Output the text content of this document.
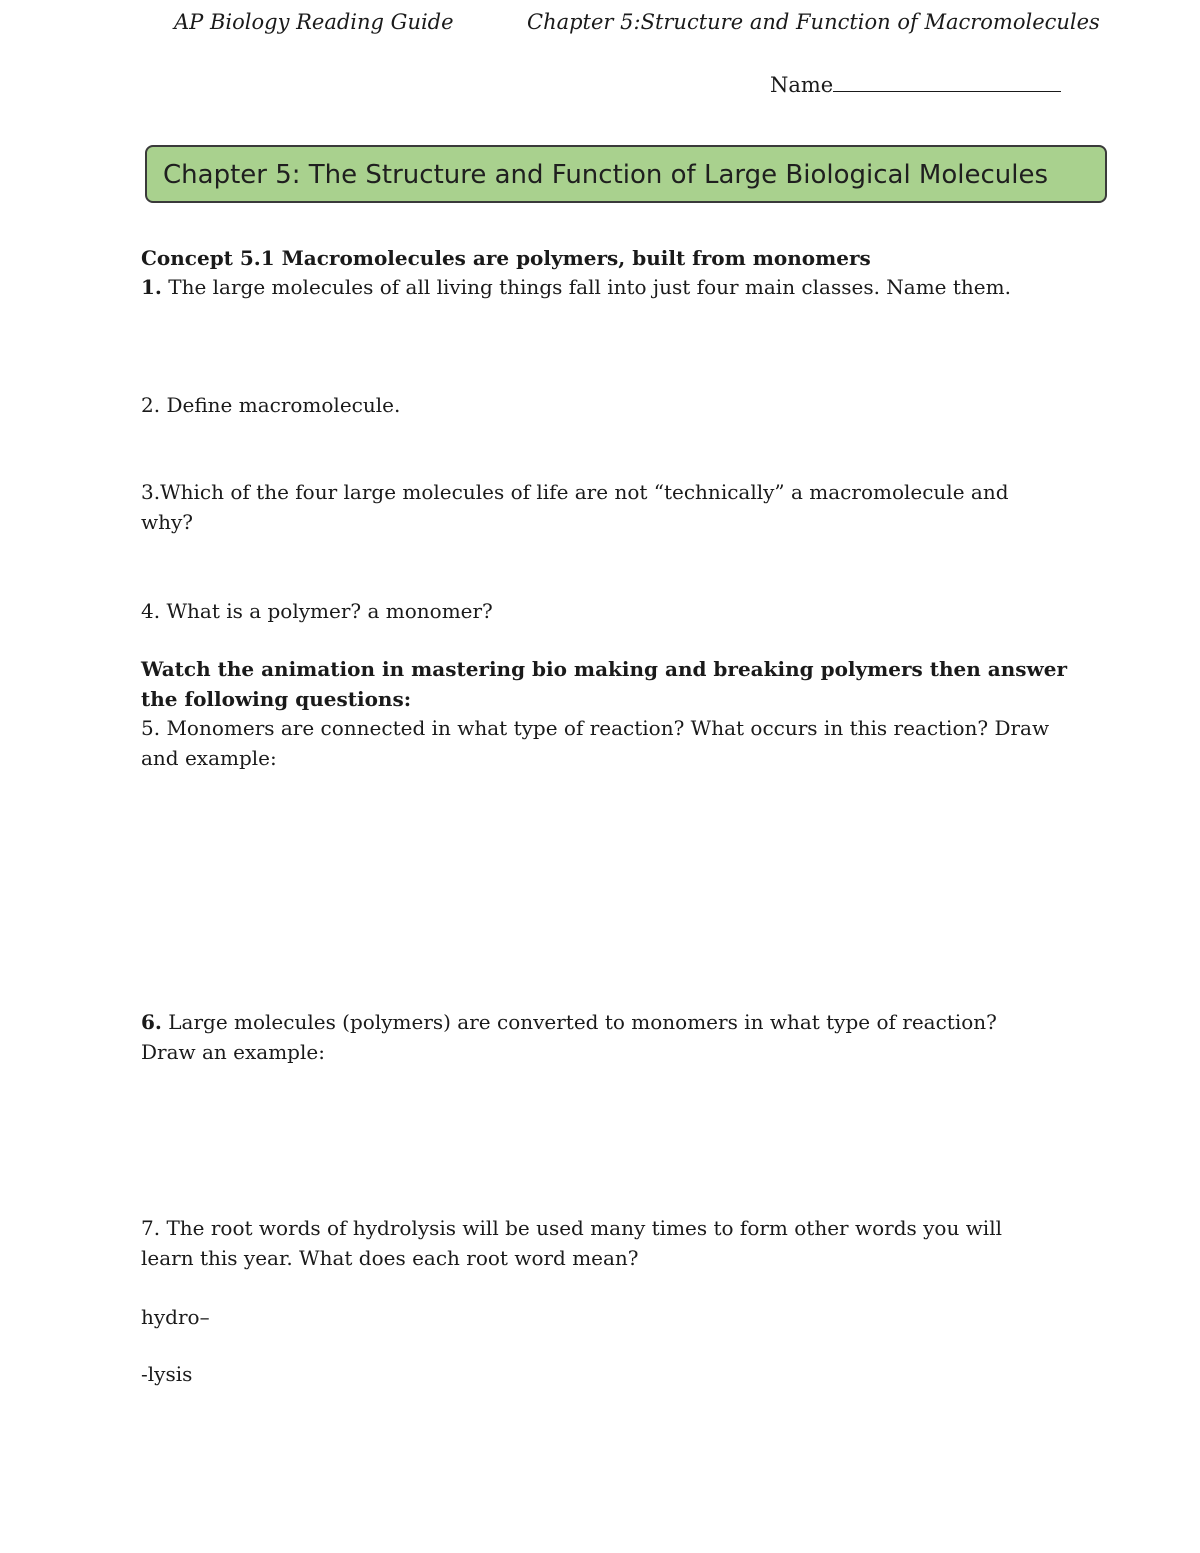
AP Biology Reading Guide	Chapter 5:Structure and Function of Macromolecules
Name
Chapter 5: The Structure and Function of Large Biological Molecules
Concept 5.1 Macromolecules are polymers, built from monomers
1. The large molecules of all living things fall into just four main classes. Name them.
2. Define macromolecule.
3.Which of the four large molecules of life are not “technically” a macromolecule and
why?
4. What is a polymer? a monomer?
Watch the animation in mastering bio making and breaking polymers then answer
the following questions:
5. Monomers are connected in what type of reaction? What occurs in this reaction? Draw
and example:
6. Large molecules (polymers) are converted to monomers in what type of reaction?
Draw an example:
7. The root words of hydrolysis will be used many times to form other words you will
learn this year. What does each root word mean?
hydro–
-lysis
